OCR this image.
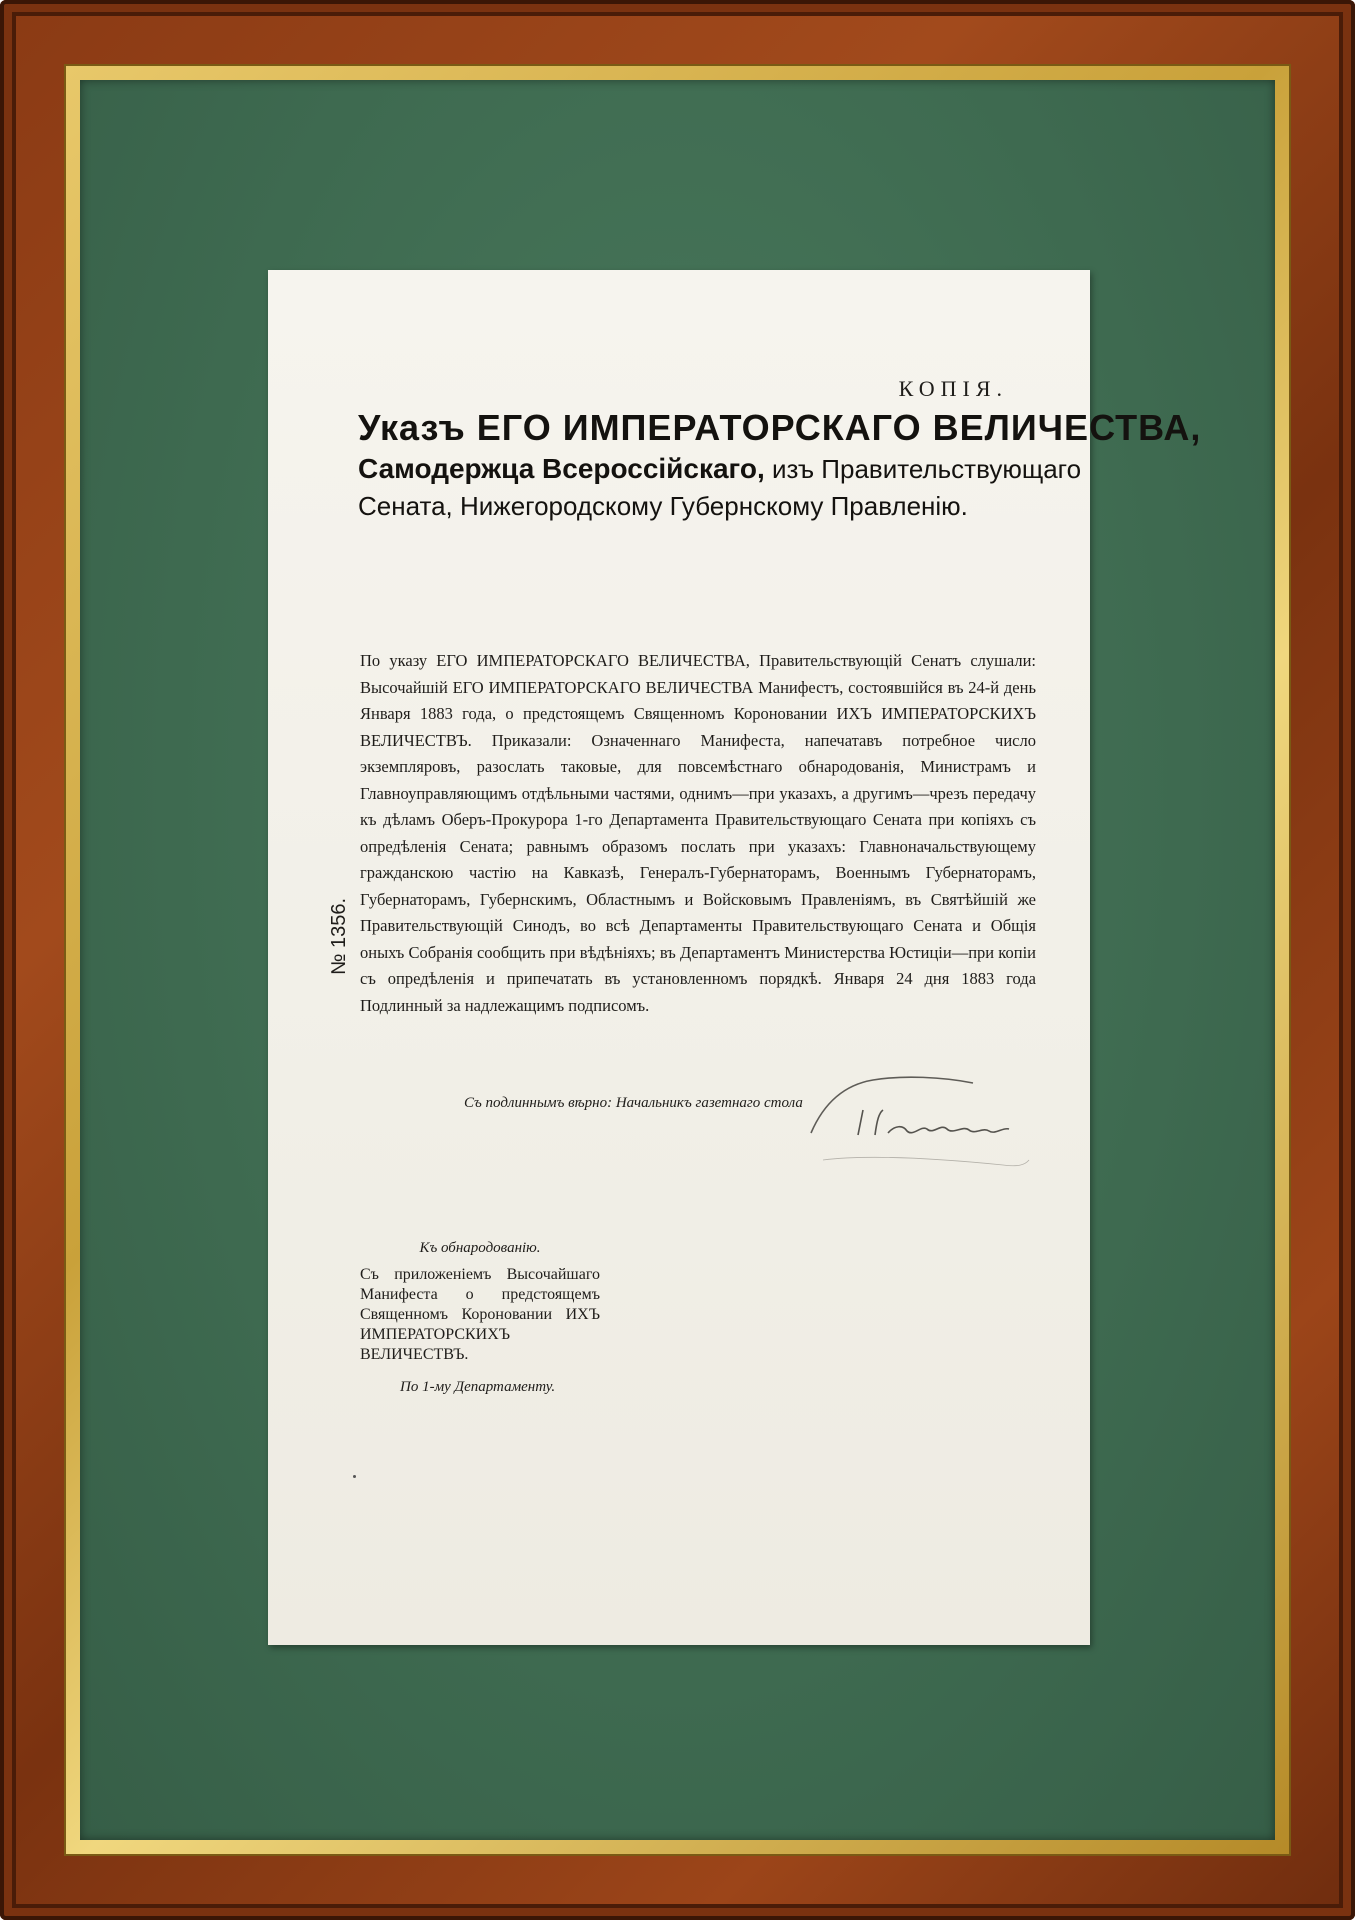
КОПІЯ.
Указъ ЕГО ИМПЕРАТОРСКАГО ВЕЛИЧЕСТВА,
Самодержца Всероссійскаго, изъ Правительствующаго
Сената, Нижегородскому Губернскому Правленію.
№ 1356.
По указу ЕГО ИМПЕРАТОРСКАГО ВЕЛИЧЕСТВА, Правительствующій Сенатъ слушали: Высочайшій ЕГО ИМПЕРАТОРСКАГО ВЕЛИЧЕСТВА Манифестъ, состоявшійся въ 24-й день Января 1883 года, о предстоящемъ Священномъ Короновании ИХЪ ИМПЕРАТОРСКИХЪ ВЕЛИЧЕСТВЪ. Приказали: Означеннаго Манифеста, напечатавъ потребное число экземпляровъ, разослать таковые, для повсемѣстнаго обнародованія, Министрамъ и Главноуправляющимъ отдѣльными частями, однимъ—при указахъ, а другимъ—чрезъ передачу къ дѣламъ Оберъ-Прокурора 1-го Департамента Правительствующаго Сената при копіяхъ съ опредѣленія Сената; равнымъ образомъ послать при указахъ: Главноначальствующему гражданскою частію на Кавказѣ, Генералъ-Губернаторамъ, Военнымъ Губернаторамъ, Губернаторамъ, Губернскимъ, Областнымъ и Войсковымъ Правленіямъ, въ Святѣйшій же Правительствующій Синодъ, во всѣ Департаменты Правительствующаго Сената и Общія оныхъ Собранія сообщить при вѣдѣніяхъ; въ Департаментъ Министерства Юстиціи—при копіи съ опредѣленія и припечатать въ установленномъ порядкѣ. Января 24 дня 1883 года Подлинный за надлежащимъ подписомъ.
Съ подлиннымъ вѣрно: Начальникъ газетнаго стола
Къ обнародованію.
Съ приложеніемъ Высочайшаго Манифеста о предстоящемъ Священномъ Короновании ИХЪ ИМПЕРАТОРСКИХЪ ВЕЛИЧЕСТВЪ.
По 1-му Департаменту.
